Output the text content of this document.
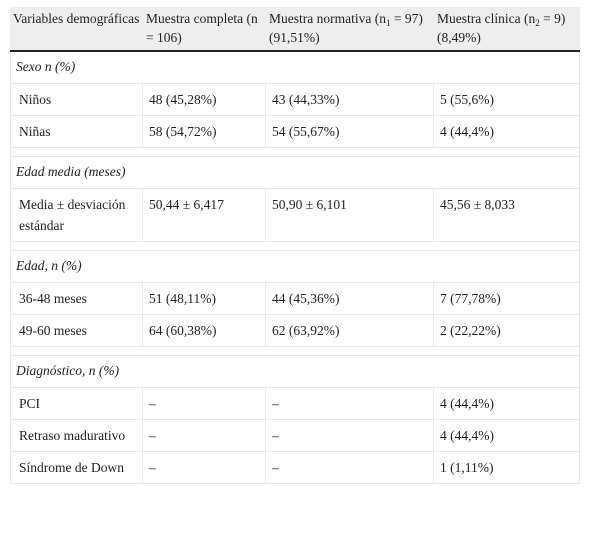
Variables demográficas	Muestra completa (n = 106)	Muestra normativa $(n_1 = 97)$ (91,51%)	Muestra clínica $(n_2 = 9)$ (8,49%)
Sexo n (%)			
Niños	48 (45,28%)	43 (44,33%)	5 (55,6%)
Niñas	58 (54,72%)	54 (55,67%)	4 (44,4%)

Edad media (meses)			
Media ± desviación estándar	50,44 ± 6,417	50,90 ± 6,101	45,56 ± 8,033

Edad, n (%)			
36-48 meses	51 (48,11%)	44 (45,36%)	7 (77,78%)
49-60 meses	64 (60,38%)	62 (63,92%)	2 (22,22%)

Diagnóstico, n (%)			
PCI	–	–	4 (44,4%)
Retraso madurativo	–	–	4 (44,4%)
Síndrome de Down	–	–	1 (1,11%)
